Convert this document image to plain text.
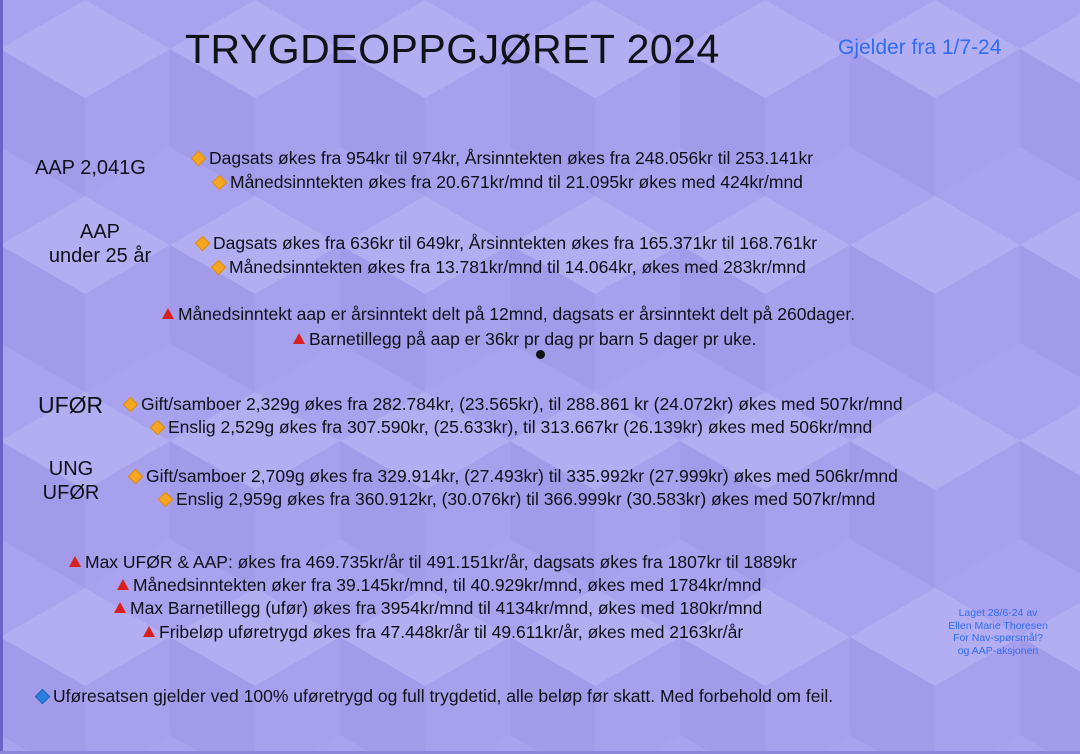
TRYGDEOPPGJØRET 2024	Gjelder fra 1/7-24
AAP 2,041G	Dagsats økes fra 954kr til 974kr, Årsinntekten økes fra 248.056kr til 253.141kr
Månedsinntekten økes fra 20.671kr/mnd til 21.095kr økes med 424kr/mnd
AAP
under 25 år
Dagsats økes fra 636kr til 649kr, Årsinntekten økes fra 165.371kr til 168.761kr
Månedsinntekten økes fra 13.781kr/mnd til 14.064kr, økes med 283kr/mnd
Månedsinntekt aap er årsinntekt delt på 12mnd, dagsats er årsinntekt delt på 260dager.
Barnetillegg på aap er 36kr pr dag pr barn 5 dager pr uke.
UFØR	Gift/samboer 2,329g økes fra 282.784kr, (23.565kr), til 288.861 kr (24.072kr) økes med 507kr/mnd
Enslig 2,529g økes fra 307.590kr, (25.633kr), til 313.667kr (26.139kr) økes med 506kr/mnd
UNG
UFØR
Gift/samboer 2,709g økes fra 329.914kr, (27.493kr) til 335.992kr (27.999kr) økes med 506kr/mnd
Enslig 2,959g økes fra 360.912kr, (30.076kr) til 366.999kr (30.583kr) økes med 507kr/mnd
Max UFØR & AAP: økes fra 469.735kr/år til 491.151kr/år, dagsats økes fra 1807kr til 1889kr
Månedsinntekten øker fra 39.145kr/mnd, til 40.929kr/mnd, økes med 1784kr/mnd
Max Barnetillegg (ufør) økes fra 3954kr/mnd til 4134kr/mnd, økes med 180kr/mnd
Fribeløp uføretrygd økes fra 47.448kr/år til 49.611kr/år, økes med 2163kr/år
Laget 28/6-24 av
Ellen Marie Thoresen
For Nav-spørsmål?
og AAP-aksjonen
Uføresatsen gjelder ved 100% uføretrygd og full trygdetid, alle beløp før skatt. Med forbehold om feil.
